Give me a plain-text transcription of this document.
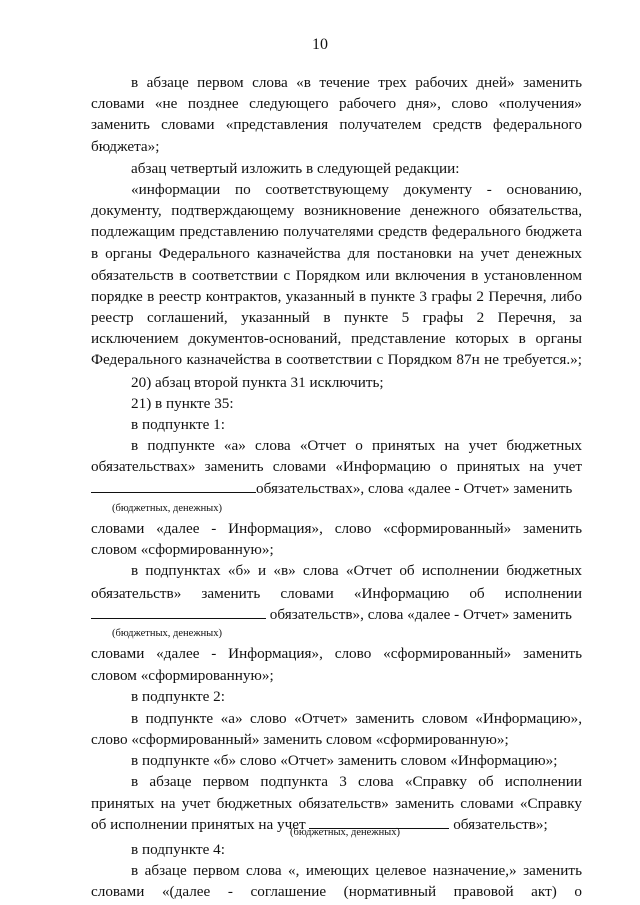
10
в абзаце первом слова «в течение трех рабочих дней» заменить
словами «не позднее следующего рабочего дня», слово «получения»
заменить словами «представления получателем средств федерального
бюджета»;
абзац четвертый изложить в следующей редакции:
«информации по соответствующему документу - основанию,
документу, подтверждающему возникновение денежного обязательства,
подлежащим представлению получателями средств федерального бюджета
в органы Федерального казначейства для постановки на учет денежных
обязательств в соответствии с Порядком или включения в установленном
порядке в реестр контрактов, указанный в пункте 3 графы 2 Перечня, либо
реестр соглашений, указанный в пункте 5 графы 2 Перечня, за
исключением документов-оснований, представление которых в органы
Федерального казначейства в соответствии с Порядком 87н не требуется.»;
20) абзац второй пункта 31 исключить;
21) в пункте 35:
в подпункте 1:
в подпункте «а» слова «Отчет о принятых на учет бюджетных
обязательствах» заменить словами «Информацию о принятых на учет
обязательствах», слова «далее - Отчет» заменить
(бюджетных, денежных)
словами «далее - Информация», слово «сформированный» заменить
словом «сформированную»;
в подпунктах «б» и «в» слова «Отчет об исполнении бюджетных
обязательств» заменить словами «Информацию об исполнении
обязательств», слова «далее - Отчет» заменить
(бюджетных, денежных)
словами «далее - Информация», слово «сформированный» заменить
словом «сформированную»;
в подпункте 2:
в подпункте «а» слово «Отчет» заменить словом «Информацию»,
слово «сформированный» заменить словом «сформированную»;
в подпункте «б» слово «Отчет» заменить словом «Информацию»;
в абзаце первом подпункта 3 слова «Справку об исполнении
принятых на учет бюджетных обязательств» заменить словами «Справку
об исполнении принятых на учет	обязательств»;
(бюджетных, денежных)
в подпункте 4:
в абзаце первом слова «, имеющих целевое назначение,» заменить
словами «(далее - соглашение (нормативный правовой акт) о
